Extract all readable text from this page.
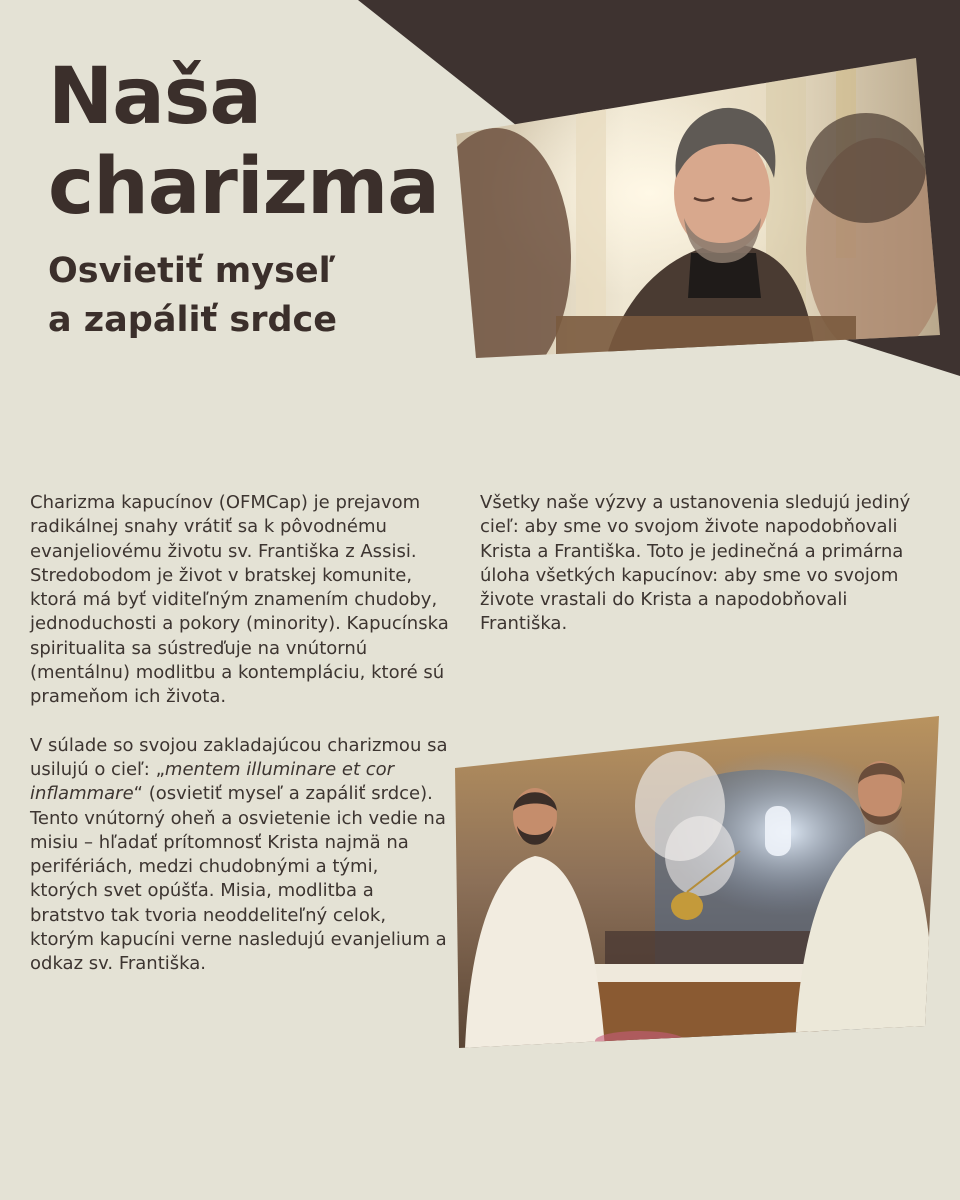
Naša
charizma
Osvietiť myseľ
a zapáliť srdce

Charizma kapucínov (OFMCap) je prejavom radikálnej snahy vrátiť sa k pôvodnému evanjeliovému životu sv. Františka z Assisi. Stredobodom je život v bratskej komunite, ktorá má byť viditeľným znamením chudoby, jednoduchosti a pokory (minority). Kapucínska spiritualita sa sústreďuje na vnútornú (mentálnu) modlitbu a kontempláciu, ktoré sú prameňom ich života.

V súlade so svojou zakladajúcou charizmou sa usilujú o cieľ: „mentem illuminare et cor inflammare“ (osvietiť myseľ a zapáliť srdce). Tento vnútorný oheň a osvietenie ich vedie na misiu – hľadať prítomnosť Krista najmä na perifériách, medzi chudobnými a tými, ktorých svet opúšťa. Misia, modlitba a bratstvo tak tvoria neoddeliteľný celok, ktorým kapucíni verne nasledujú evanjelium a odkaz sv. Františka.

Všetky naše výzvy a ustanovenia sledujú jediný cieľ: aby sme vo svojom živote napodobňovali Krista a Františka. Toto je jedinečná a primárna úloha všetkých kapucínov: aby sme vo svojom živote vrastali do Krista a napodobňovali Františka.
